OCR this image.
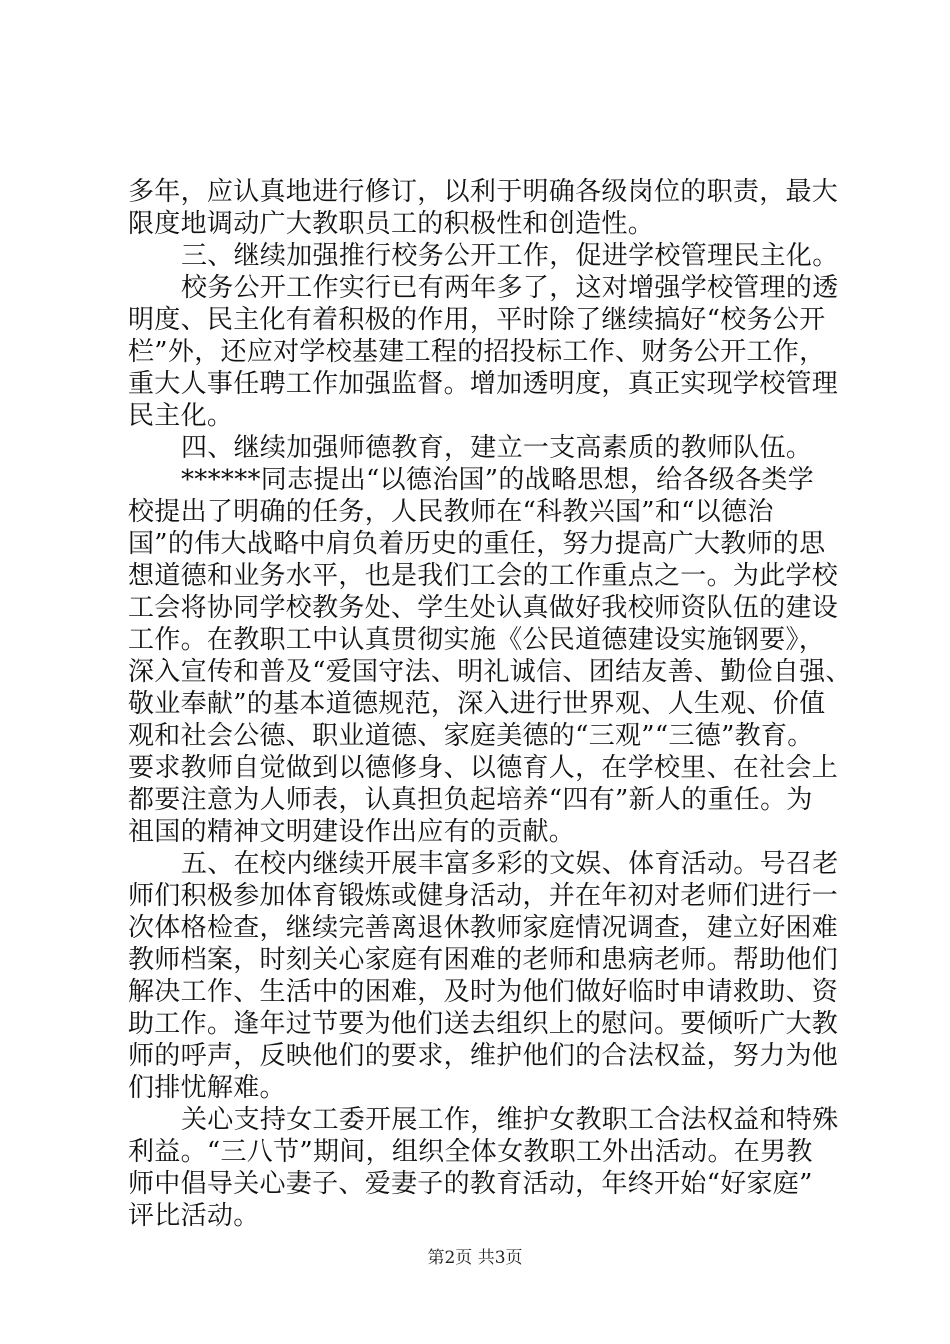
多年，应认真地进行修订，以利于明确各级岗位的职责，最大
限度地调动广大教职员工的积极性和创造性。
三、继续加强推行校务公开工作，促进学校管理民主化。
校务公开工作实行已有两年多了，这对增强学校管理的透
明度、民主化有着积极的作用，平时除了继续搞好“校务公开
栏”外，还应对学校基建工程的招投标工作、财务公开工作，
重大人事任聘工作加强监督。增加透明度，真正实现学校管理
民主化。
四、继续加强师德教育，建立一支高素质的教师队伍。
******同志提出“以德治国”的战略思想，给各级各类学
校提出了明确的任务，人民教师在“科教兴国”和“以德治
国”的伟大战略中肩负着历史的重任，努力提高广大教师的思
想道德和业务水平，也是我们工会的工作重点之一。为此学校
工会将协同学校教务处、学生处认真做好我校师资队伍的建设
工作。在教职工中认真贯彻实施《公民道德建设实施钢要》，
深入宣传和普及“爱国守法、明礼诚信、团结友善、勤俭自强、
敬业奉献”的基本道德规范，深入进行世界观、人生观、价值
观和社会公德、职业道德、家庭美德的“三观”“三德”教育。
要求教师自觉做到以德修身、以德育人，在学校里、在社会上
都要注意为人师表，认真担负起培养“四有”新人的重任。为
祖国的精神文明建设作出应有的贡献。
五、在校内继续开展丰富多彩的文娱、体育活动。号召老
师们积极参加体育锻炼或健身活动，并在年初对老师们进行一
次体格检查，继续完善离退休教师家庭情况调查，建立好困难
教师档案，时刻关心家庭有困难的老师和患病老师。帮助他们
解决工作、生活中的困难，及时为他们做好临时申请救助、资
助工作。逢年过节要为他们送去组织上的慰问。要倾听广大教
师的呼声，反映他们的要求，维护他们的合法权益，努力为他
们排忧解难。
关心支持女工委开展工作，维护女教职工合法权益和特殊
利益。“三八节”期间，组织全体女教职工外出活动。在男教
师中倡导关心妻子、爱妻子的教育活动，年终开始“好家庭”
评比活动。
第2页 共3页
